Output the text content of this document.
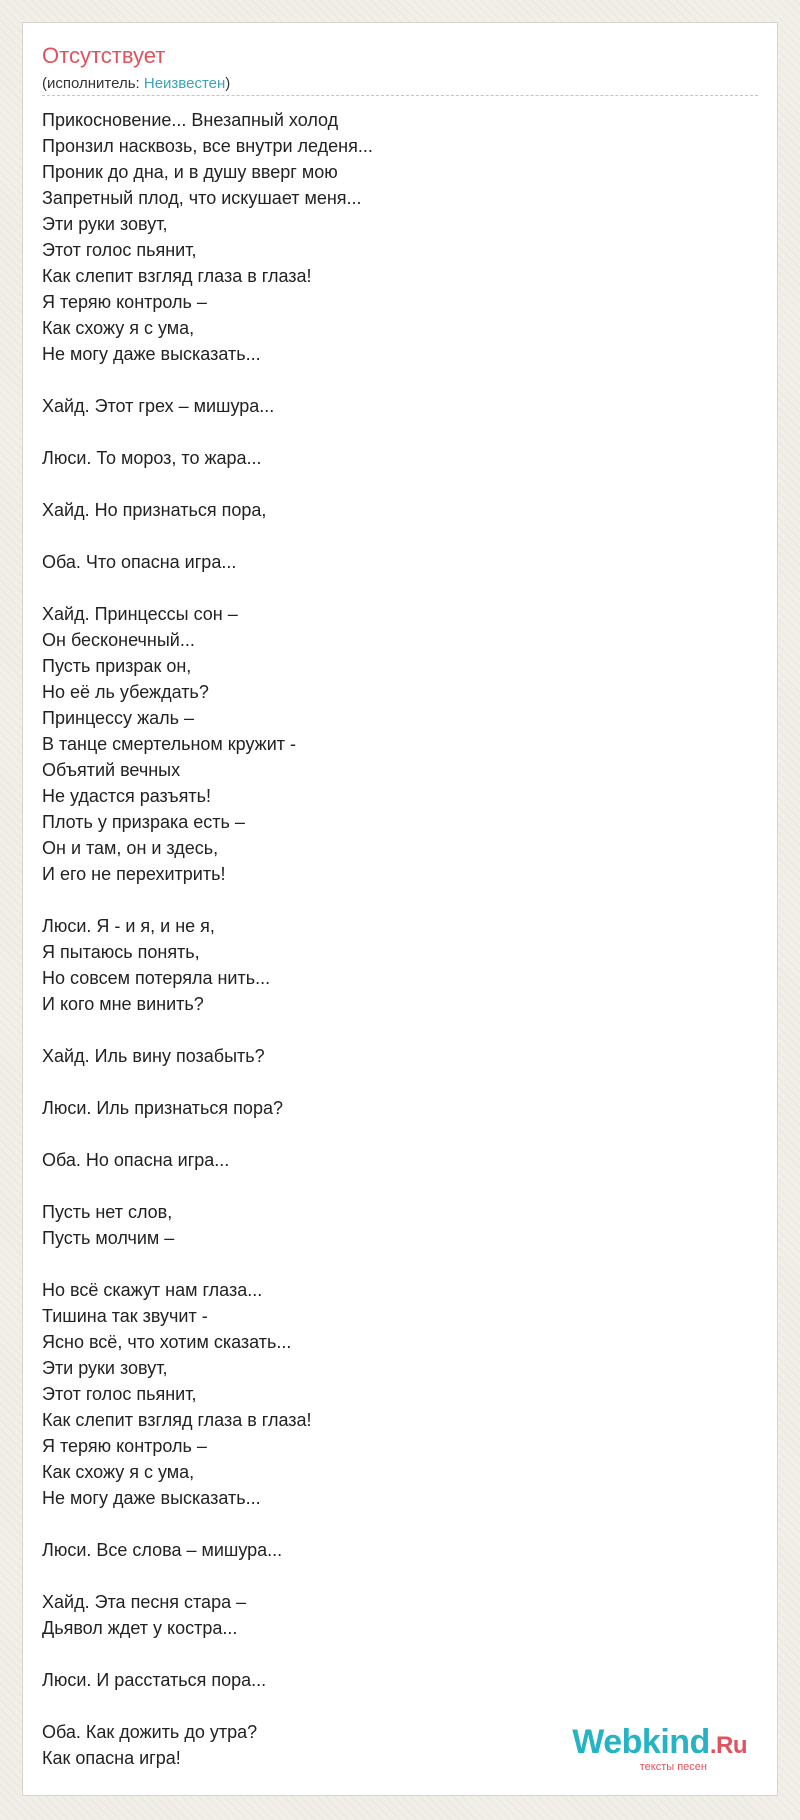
Отсутствует
(исполнитель: Неизвестен)
Прикосновение... Внезапный холод
Пронзил насквозь, все внутри леденя...
Проник до дна, и в душу вверг мою
Запретный плод, что искушает меня...
Эти руки зовут,
Этот голос пьянит,
Как слепит взгляд глаза в глаза!
Я теряю контроль –
Как схожу я с ума,
Не могу даже высказать...
Хайд. Этот грех – мишура...
Люси. То мороз, то жара...
Хайд. Но признаться пора,
Оба. Что опасна игра...
Хайд. Принцессы сон –
Он бесконечный...
Пусть призрак он,
Но её ль убеждать?
Принцессу жаль –
В танце смертельном кружит -
Объятий вечных
Не удастся разъять!
Плоть у призрака есть –
Он и там, он и здесь,
И его не перехитрить!
Люси. Я - и я, и не я,
Я пытаюсь понять,
Но совсем потеряла нить...
И кого мне винить?
Хайд. Иль вину позабыть?
Люси. Иль признаться пора?
Оба. Но опасна игра...
Пусть нет слов,
Пусть молчим –
Но всё скажут нам глаза...
Тишина так звучит -
Ясно всё, что хотим сказать...
Эти руки зовут,
Этот голос пьянит,
Как слепит взгляд глаза в глаза!
Я теряю контроль –
Как схожу я с ума,
Не могу даже высказать...
Люси. Все слова – мишура...
Хайд. Эта песня стара –
Дьявол ждет у костра...
Люси. И расстаться пора...
Оба. Как дожить до утра?
Как опасна игра!	Webkind.Ru
тексты песен
